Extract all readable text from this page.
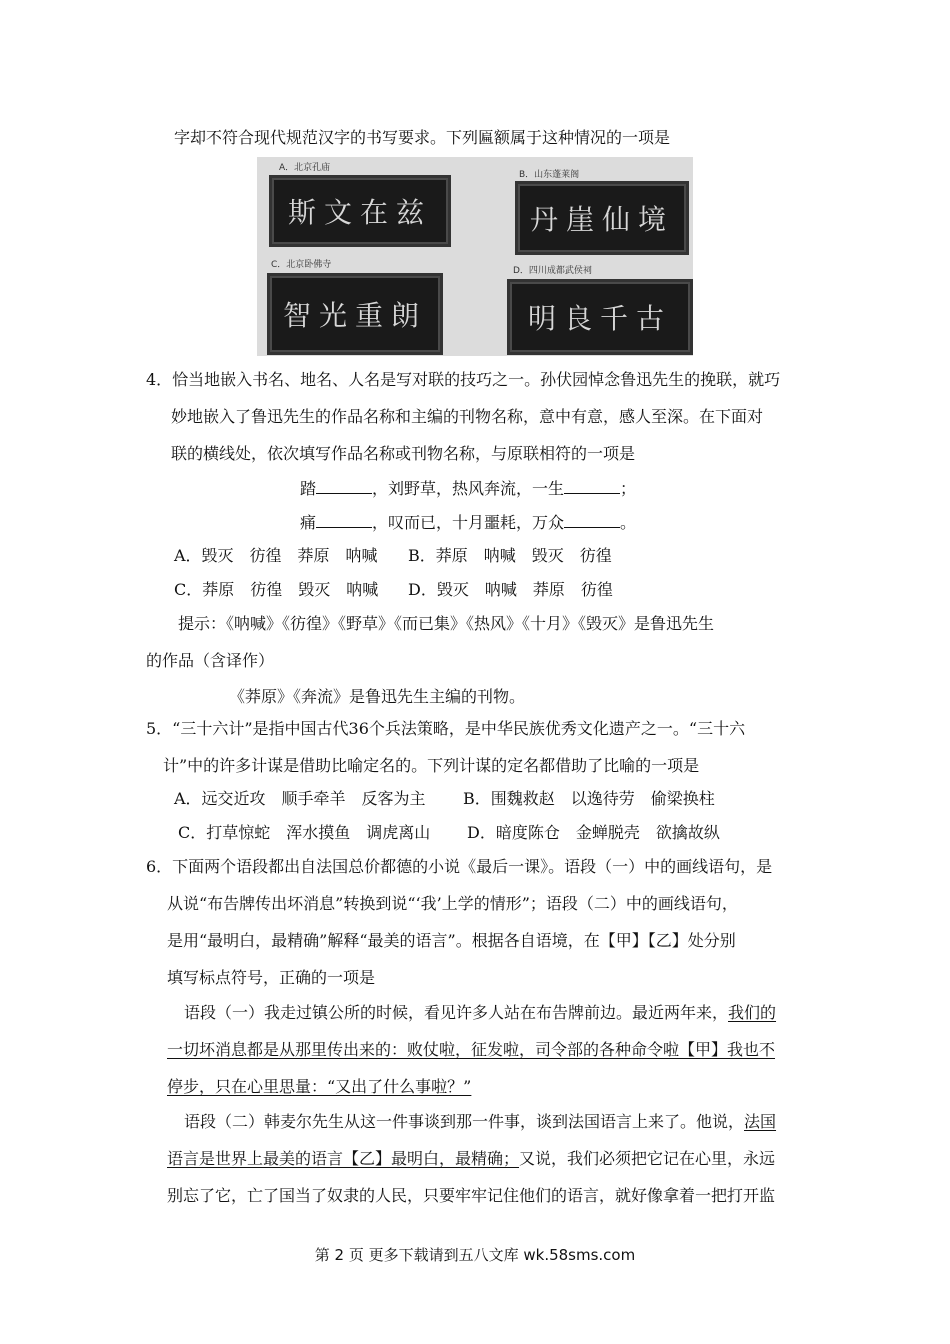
字却不符合现代规范汉字的书写要求。下列匾额属于这种情况的一项是
A．北京孔庙
斯文在兹
B．山东蓬莱阁
丹崖仙境
C．北京卧佛寺
智光重朗
D．四川成都武侯祠
明良千古
4．恰当地嵌入书名、地名、人名是写对联的技巧之一。孙伏园悼念鲁迅先生的挽联，就巧
妙地嵌入了鲁迅先生的作品名称和主编的刊物名称，意中有意，感人至深。在下面对
联的横线处，依次填写作品名称或刊物名称，与原联相符的一项是
踏	，刘野草，热风奔流，一生	；
痛	，叹而已，十月噩耗，万众	。
A．毁灭　彷徨　莽原　呐喊 B．莽原　呐喊　毁灭　彷徨
C．莽原　彷徨　毁灭　呐喊 D．毁灭　呐喊　莽原　彷徨
提示：《呐喊》《彷徨》《野草》《而已集》《热风》《十月》《毁灭》是鲁迅先生
的作品（含译作）
《莽原》《奔流》是鲁迅先生主编的刊物。
5．“三十六计”是指中国古代36个兵法策略，是中华民族优秀文化遗产之一。“三十六
计”中的许多计谋是借助比喻定名的。下列计谋的定名都借助了比喻的一项是
A．远交近攻　顺手牵羊　反客为主 B．围魏救赵　以逸待劳　偷梁换柱
C．打草惊蛇　浑水摸鱼　调虎离山 D．暗度陈仓　金蝉脱壳　欲擒故纵
6．下面两个语段都出自法国总价都德的小说《最后一课》。语段（一）中的画线语句，是
从说“布告牌传出坏消息”转换到说“‘我’上学的情形”；语段（二）中的画线语句，
是用“最明白，最精确”解释“最美的语言”。根据各自语境，在【甲】【乙】处分别
填写标点符号，正确的一项是
语段（一）我走过镇公所的时候，看见许多人站在布告牌前边。最近两年来，我们的
一切坏消息都是从那里传出来的：败仗啦，征发啦，司令部的各种命令啦【甲】我也不
停步，只在心里思量：“又出了什么事啦？”
语段（二）韩麦尔先生从这一件事谈到那一件事，谈到法国语言上来了。他说，法国
语言是世界上最美的语言【乙】最明白，最精确；又说，我们必须把它记在心里，永远
别忘了它，亡了国当了奴隶的人民，只要牢牢记住他们的语言，就好像拿着一把打开监
第 2 页 更多下载请到五八文库 wk.58sms.com
